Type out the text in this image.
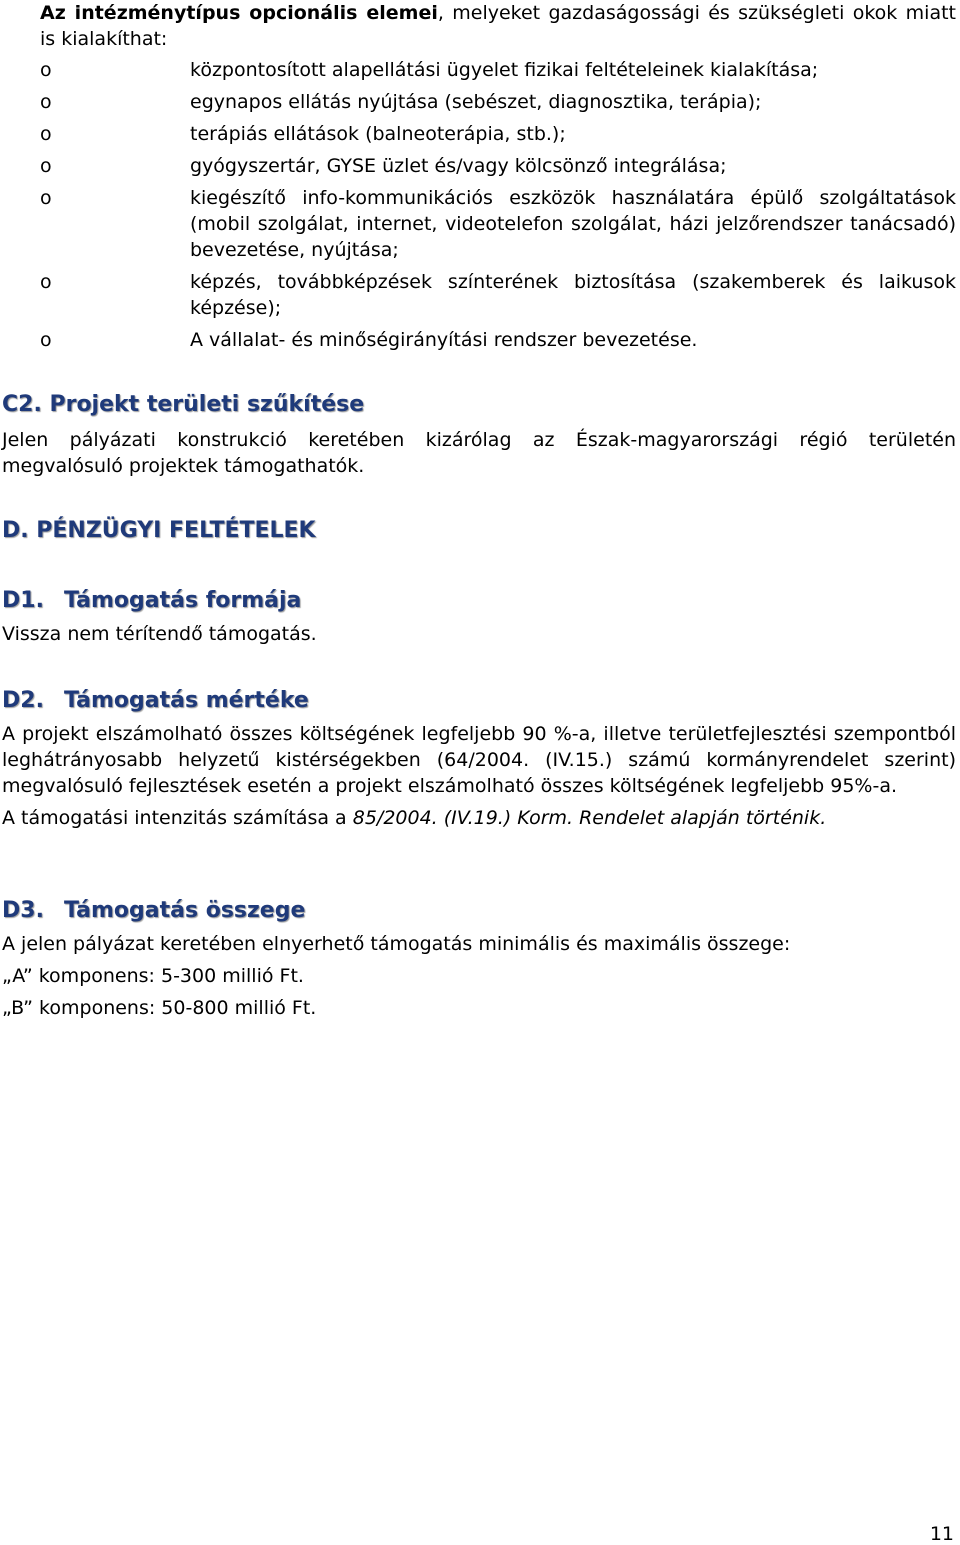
Az intézménytípus opcionális elemei, melyeket gazdaságossági és szükségleti okok miatt is kialakíthat:
o	központosított alapellátási ügyelet fizikai feltételeinek kialakítása;
o	egynapos ellátás nyújtása (sebészet, diagnosztika, terápia);
o	terápiás ellátások (balneoterápia, stb.);
o	gyógyszertár, GYSE üzlet és/vagy kölcsönző integrálása;
o	kiegészítő info-kommunikációs eszközök használatára épülő szolgáltatások (mobil szolgálat, internet, videotelefon szolgálat, házi jelzőrendszer tanácsadó) bevezetése, nyújtása;
o	képzés, továbbképzések színterének biztosítása (szakemberek és laikusok képzése);
o	A vállalat- és minőségirányítási rendszer bevezetése.
C2. Projekt területi szűkítése

Jelen pályázati konstrukció keretében kizárólag az Észak-magyarországi régió területén megvalósuló projektek támogathatók.

D. PÉNZÜGYI FELTÉTELEK
D1. Támogatás formája

Vissza nem térítendő támogatás.

D2. Támogatás mértéke

A projekt elszámolható összes költségének legfeljebb 90 %-a, illetve területfejlesztési szempontból leghátrányosabb helyzetű kistérségekben (64/2004. (IV.15.) számú kormányrendelet szerint) megvalósuló fejlesztések esetén a projekt elszámolható összes költségének legfeljebb 95%-a.

A támogatási intenzitás számítása a 85/2004. (IV.19.) Korm. Rendelet alapján történik.

D3. Támogatás összege

A jelen pályázat keretében elnyerhető támogatás minimális és maximális összege:

„A” komponens: 5-300 millió Ft.

„B” komponens: 50-800 millió Ft.

11
